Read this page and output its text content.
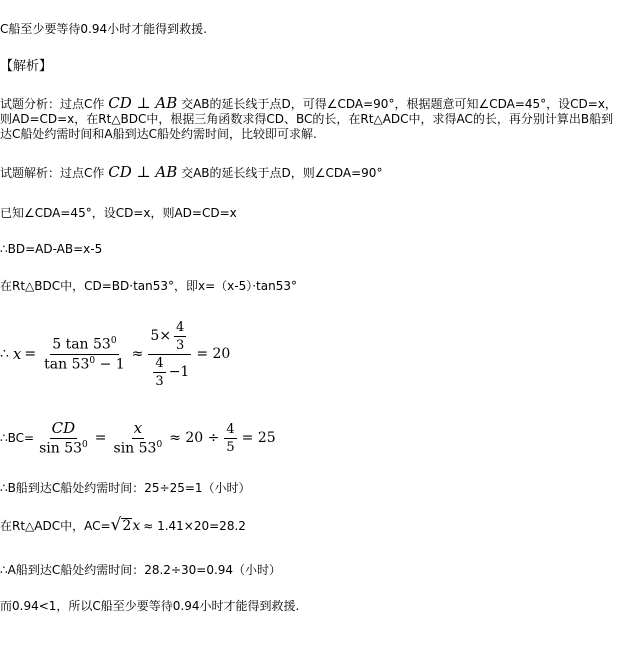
C船至少要等待0.94小时才能得到救援.
【解析】
试题分析：过点C作 CD ⊥ AB 交AB的延长线于点D，可得∠CDA=90°，根据题意可知∠CDA=45°，设CD=x，则AD=CD=x，在Rt△BDC中，根据三角函数求得CD、BC的长，在Rt△ADC中，求得AC的长，再分别计算出B船到达C船处约需时间和A船到达C船处约需时间，比较即可求解.
试题解析：过点C作 CD ⊥ AB 交AB的延长线于点D，则∠CDA=90°
已知∠CDA=45°，设CD=x，则AD=CD=x
∴BD=AD-AB=x-5
在Rt△BDC中，CD=BD·tan53°，即x=（x-5）·tan53°
∴ $x = \frac{5 \tan 53^0}{\tan 53^0 - 1} \approx \frac{5\times \frac{4}{3}}{\frac{4}{3} -1} = 20$
∴BC= $\frac{CD}{\sin 53^0} = \frac{x}{\sin 53^0} \approx 20 \div \frac{4}{5} = 25$
∴B船到达C船处约需时间：25÷25=1（小时）
在Rt△ADC中，AC= √ 2 x ≈ 1.41×20=28.2
∴A船到达C船处约需时间：28.2÷30=0.94（小时）
而0.94<1，所以C船至少要等待0.94小时才能得到救援.
